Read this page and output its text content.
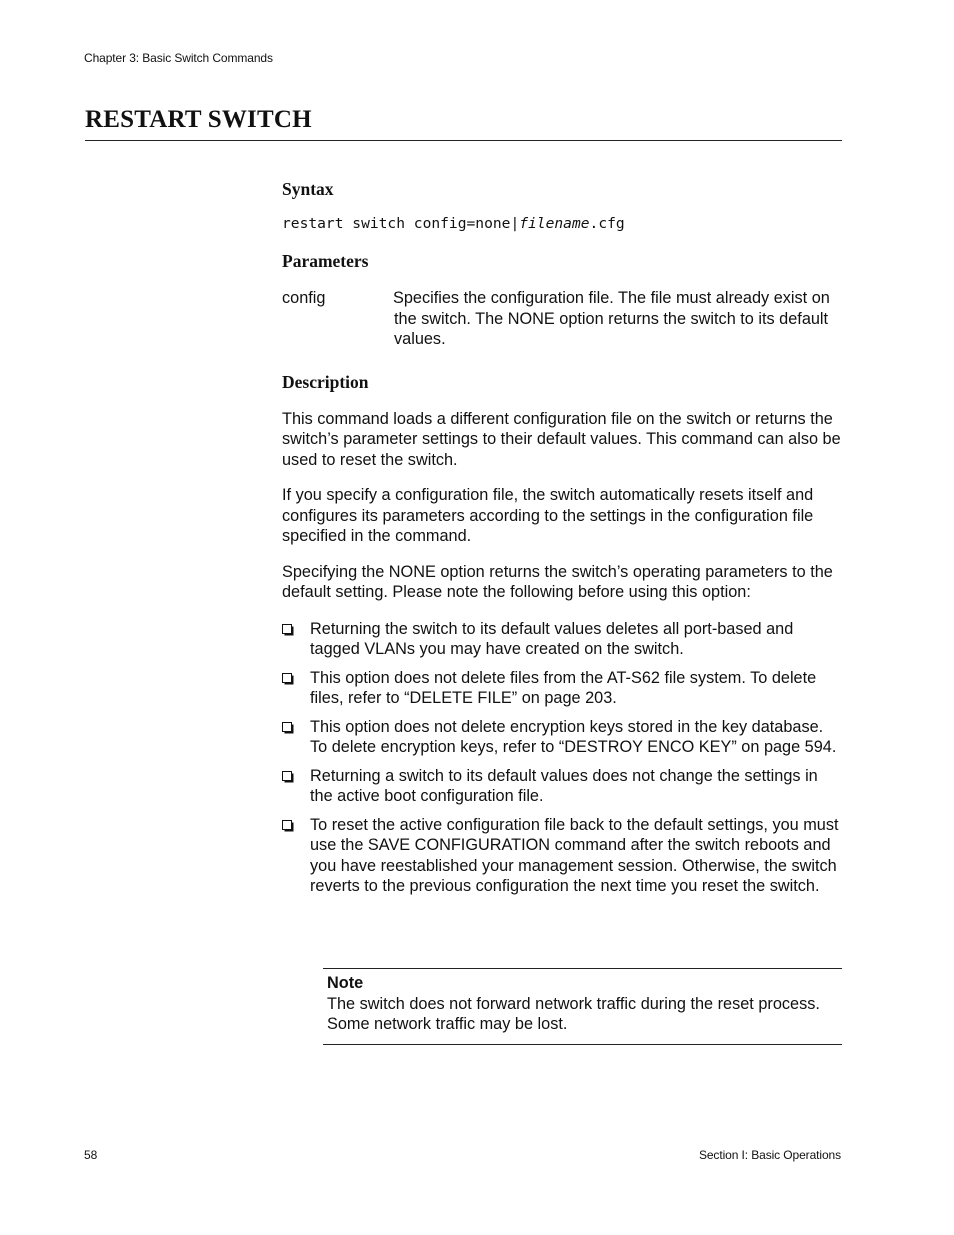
Chapter 3: Basic Switch Commands
RESTART SWITCH
Syntax
restart switch config=none|filename.cfg
Parameters
config	Specifies the configuration file. The file must already exist on the switch. The NONE option returns the switch to its default values.
Description

This command loads a different configuration file on the switch or returns the switch’s parameter settings to their default values. This command can also be used to reset the switch.

If you specify a configuration file, the switch automatically resets itself and configures its parameters according to the settings in the configuration file specified in the command.

Specifying the NONE option returns the switch’s operating parameters to the default setting. Please note the following before using this option:

Returning the switch to its default values deletes all port-based and tagged VLANs you may have created on the switch.
This option does not delete files from the AT-S62 file system. To delete files, refer to “DELETE FILE” on page 203.
This option does not delete encryption keys stored in the key database. To delete encryption keys, refer to “DESTROY ENCO KEY” on page 594.
Returning a switch to its default values does not change the settings in the active boot configuration file.
To reset the active configuration file back to the default settings, you must use the SAVE CONFIGURATION command after the switch reboots and you have reestablished your management session. Otherwise, the switch reverts to the previous configuration the next time you reset the switch.
Note
The switch does not forward network traffic during the reset process. Some network traffic may be lost.
58	Section I: Basic Operations
